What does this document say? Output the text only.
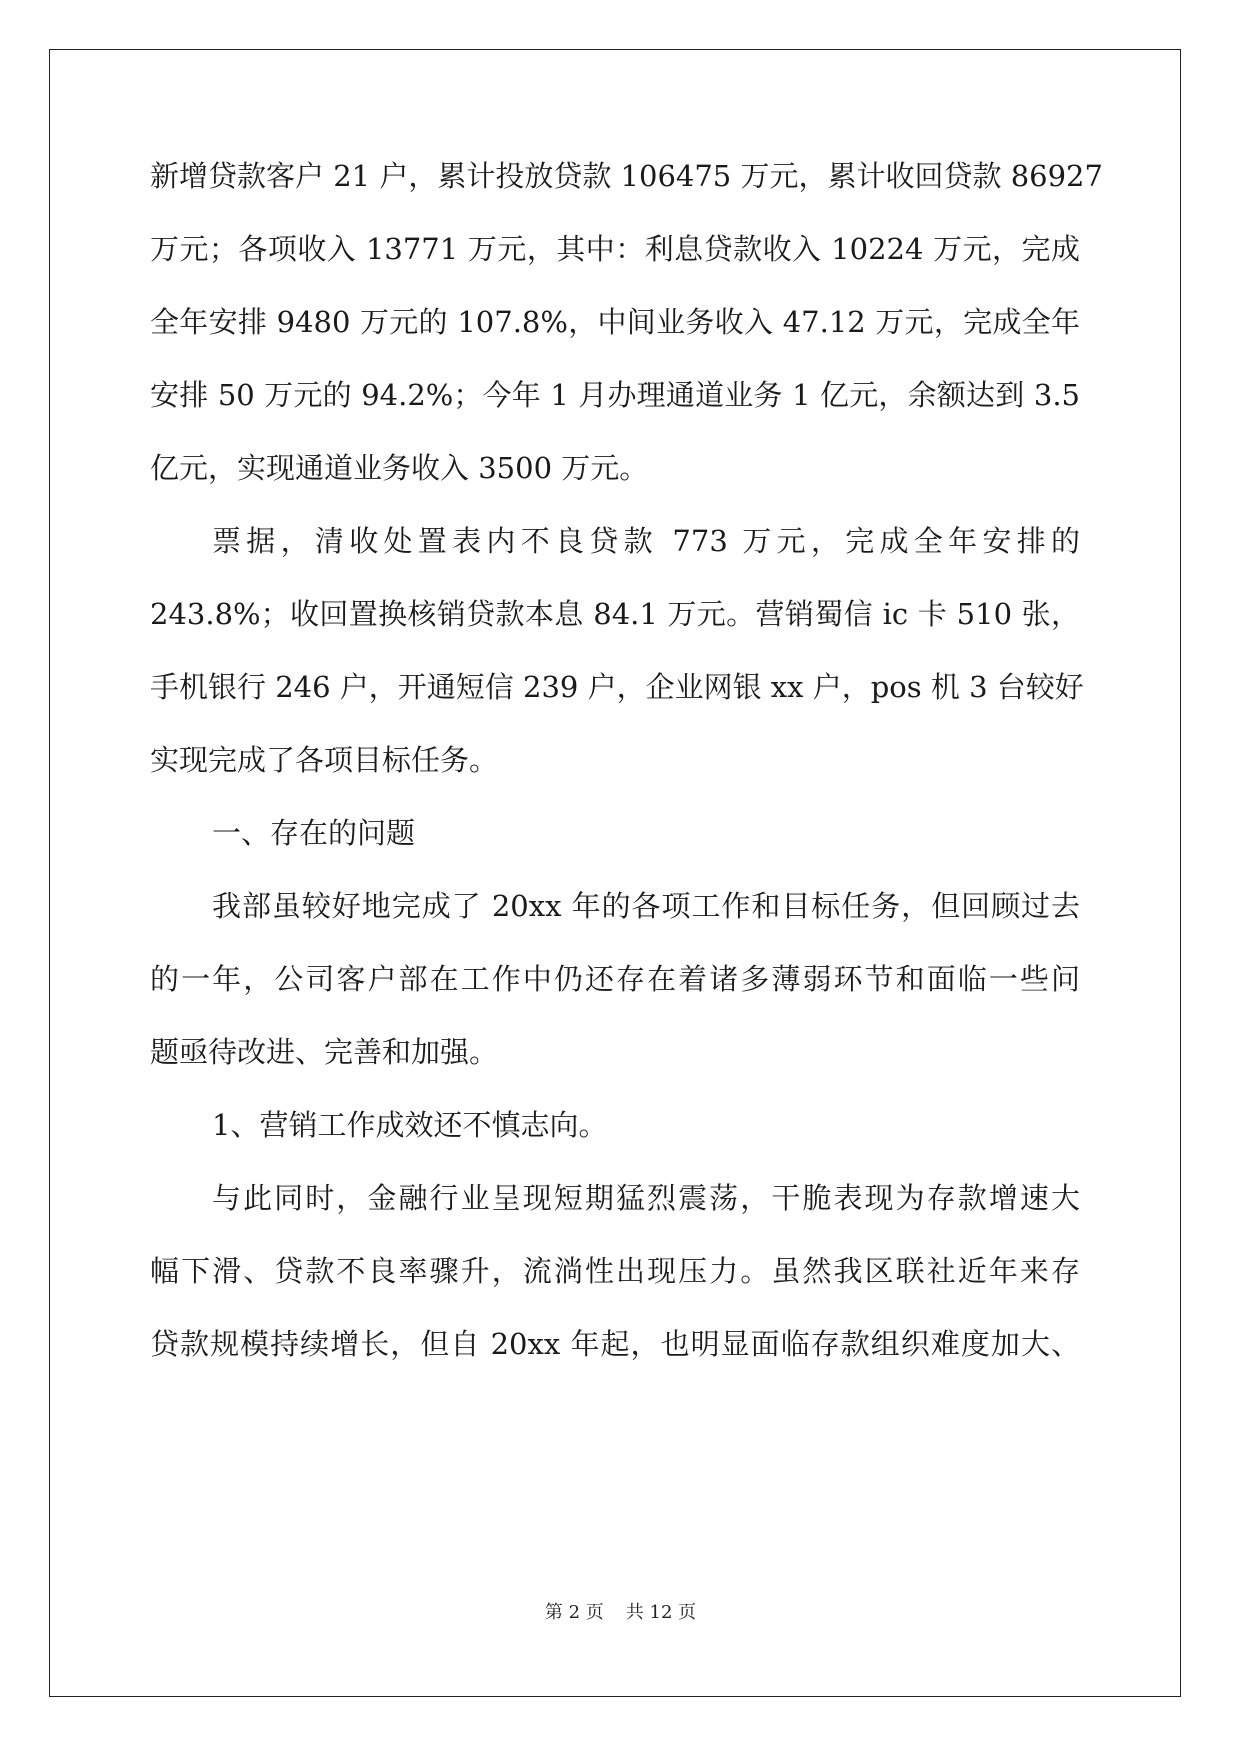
新增贷款客户 21 户，累计投放贷款 106475 万元，累计收回贷款 86927
万元；各项收入 13771 万元，其中：利息贷款收入 10224 万元，完成
全年安排 9480 万元的 107.8%，中间业务收入 47.12 万元，完成全年
安排 50 万元的 94.2%；今年 1 月办理通道业务 1 亿元，余额达到 3.5
亿元，实现通道业务收入 3500 万元。
票据，清收处置表内不良贷款 773 万元，完成全年安排的
243.8%；收回置换核销贷款本息 84.1 万元。营销蜀信 ic 卡 510 张，
手机银行 246 户，开通短信 239 户，企业网银 xx 户，pos 机 3 台较好
实现完成了各项目标任务。
一、存在的问题
我部虽较好地完成了 20xx 年的各项工作和目标任务，但回顾过去
的一年，公司客户部在工作中仍还存在着诸多薄弱环节和面临一些问
题亟待改进、完善和加强。
1、营销工作成效还不慎志向。
与此同时，金融行业呈现短期猛烈震荡，干脆表现为存款增速大
幅下滑、贷款不良率骤升，流淌性出现压力。虽然我区联社近年来存
贷款规模持续增长，但自 20xx 年起，也明显面临存款组织难度加大、
第 2 页 共 12 页
